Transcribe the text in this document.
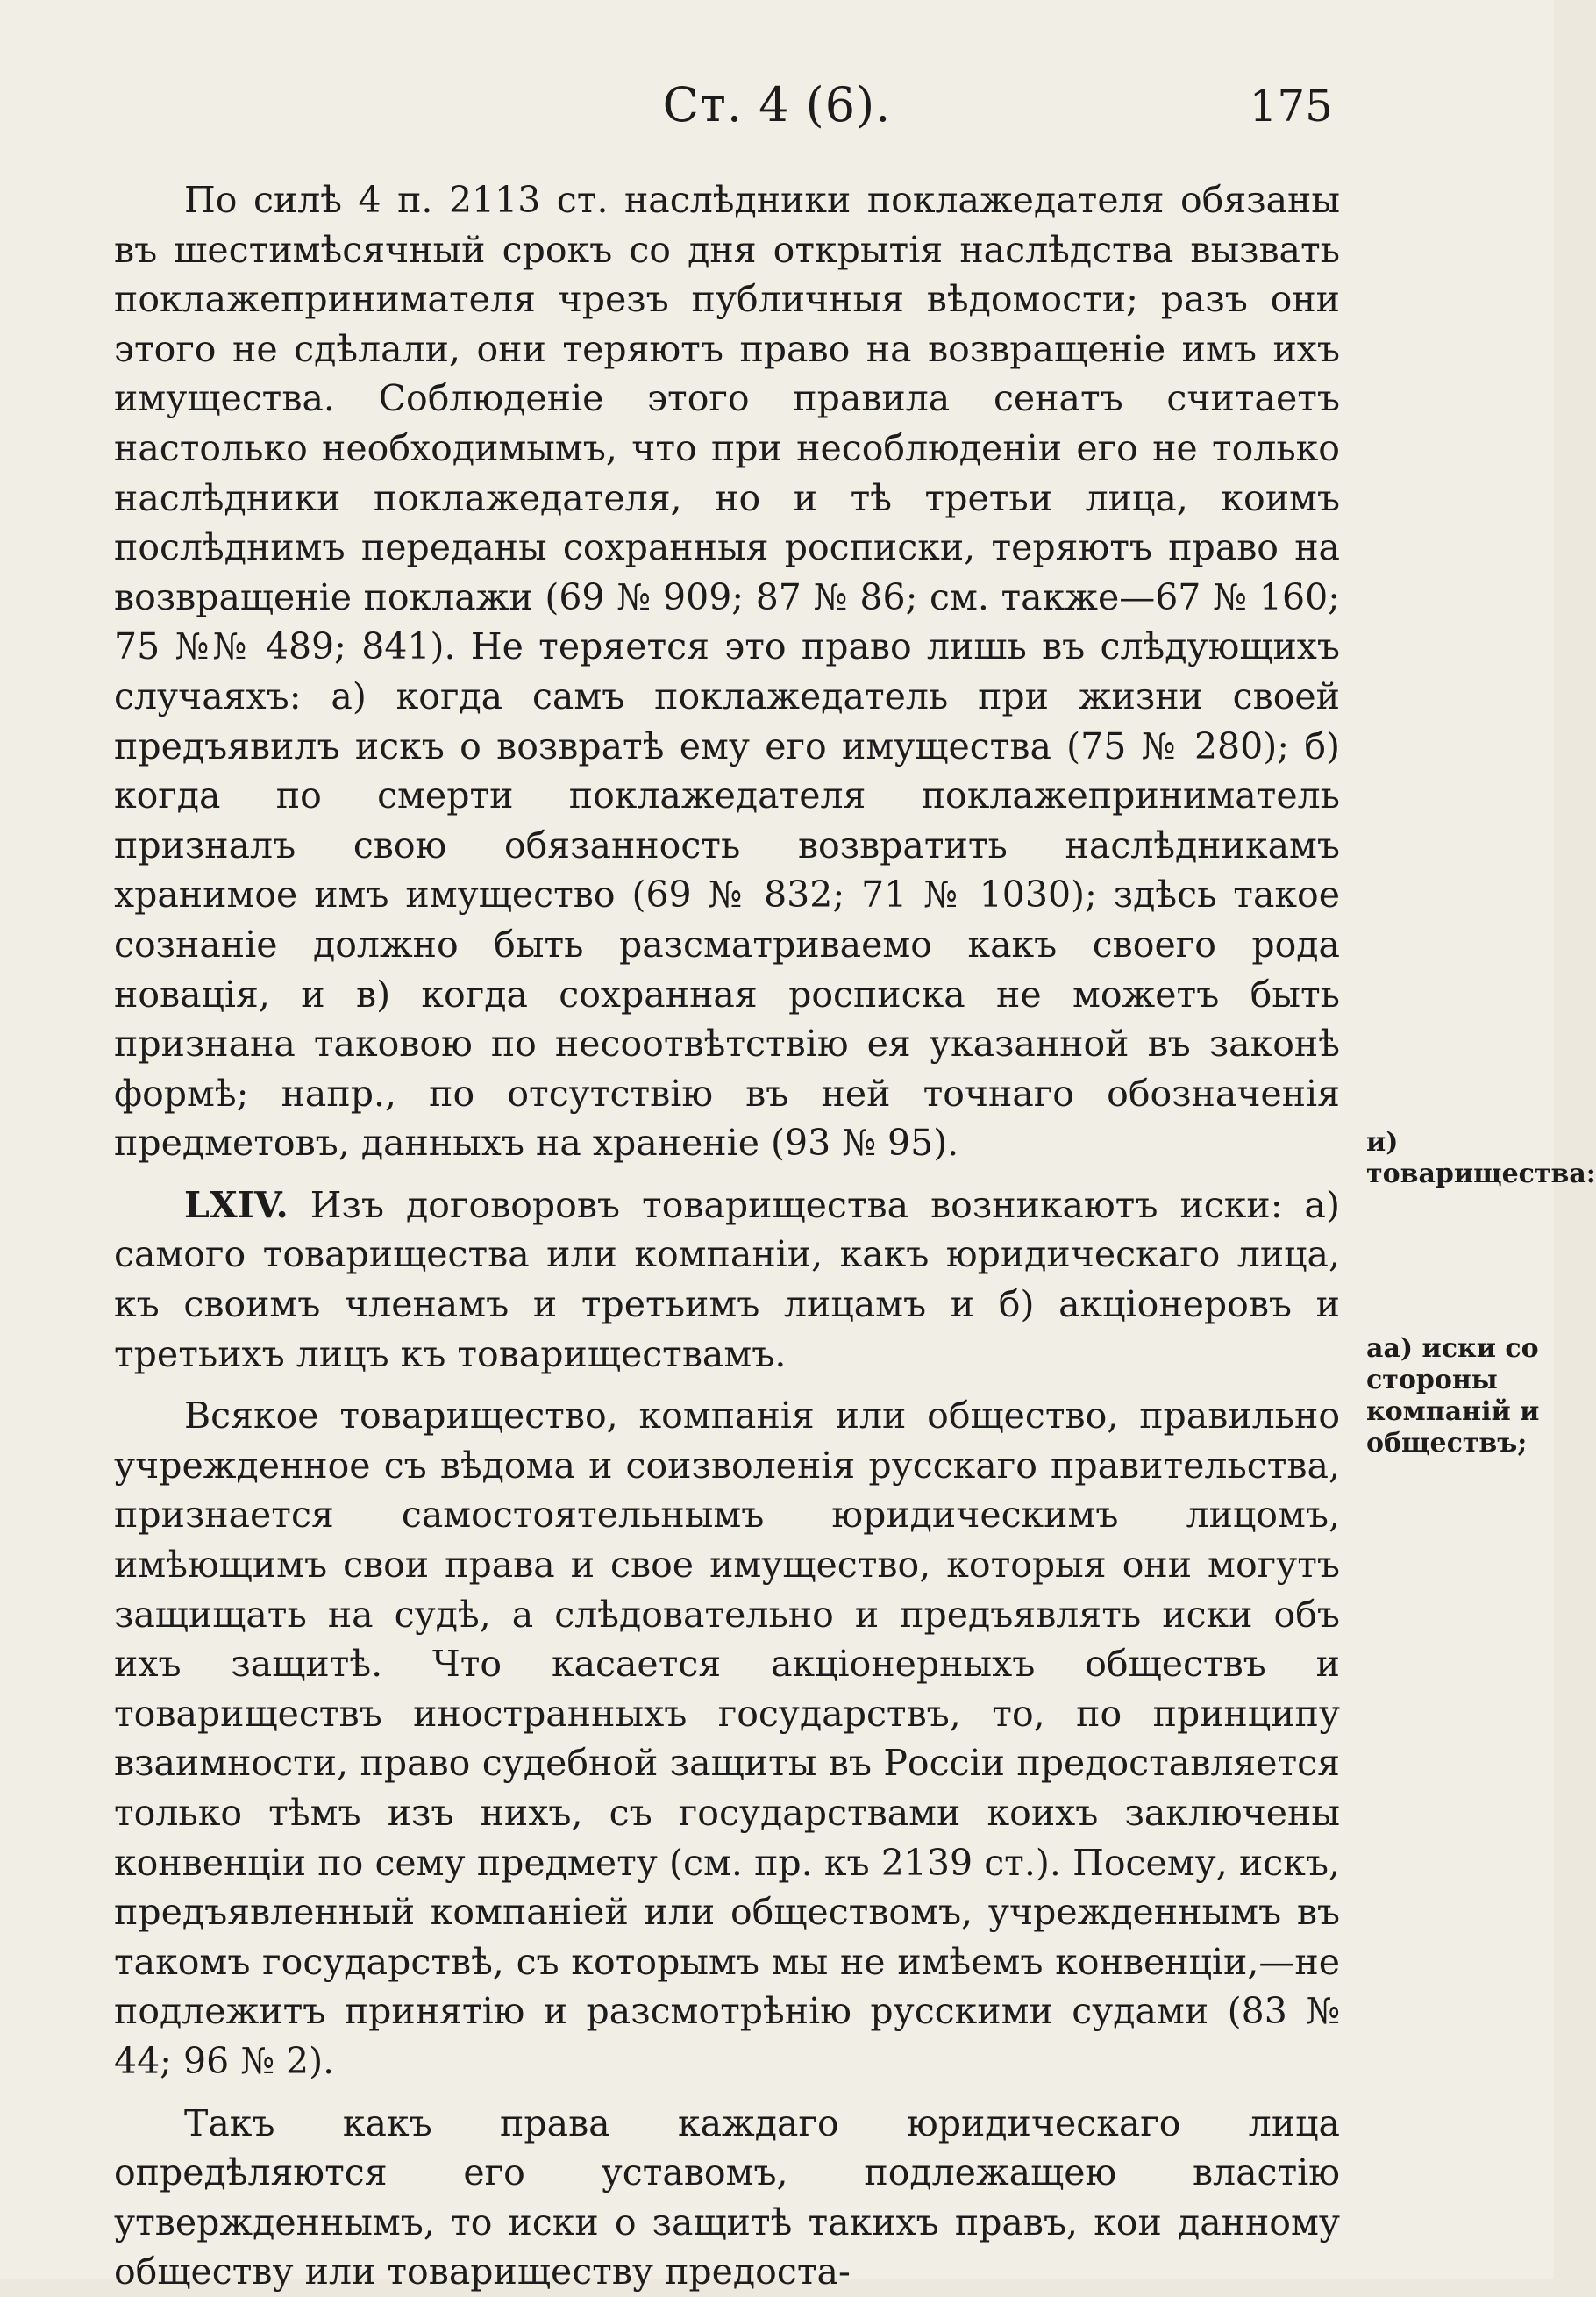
Ст. 4 (6).	175

По силѣ 4 п. 2113 ст. наслѣдники поклажедателя обязаны въ шестимѣсячный срокъ со дня открытія наслѣдства вызвать поклажепринимателя чрезъ публичныя вѣдомости; разъ они этого не сдѣлали, они теряютъ право на возвращеніе имъ ихъ имущества. Соблюденіе этого правила сенатъ считаетъ настолько необходимымъ, что при несоблюденіи его не только наслѣдники поклажедателя, но и тѣ третьи лица, коимъ послѣднимъ переданы сохранныя росписки, теряютъ право на возвращеніе поклажи (69 № 909; 87 № 86; см. также—67 № 160; 75 №№ 489; 841). Не теряется это право лишь въ слѣдующихъ случаяхъ: а) когда самъ поклажедатель при жизни своей предъявилъ искъ о возвратѣ ему его имущества (75 № 280); б) когда по смерти поклажедателя поклажеприниматель призналъ свою обязанность возвратить наслѣдникамъ хранимое имъ имущество (69 № 832; 71 № 1030); здѣсь такое сознаніе должно быть разсматриваемо какъ своего рода новація, и в) когда сохранная росписка не можетъ быть признана таковою по несоотвѣтствію ея указанной въ законѣ формѣ; напр., по отсутствію въ ней точнаго обозначенія предметовъ, данныхъ на храненіе (93 № 95).

LXIV. Изъ договоровъ товарищества возникаютъ иски: а) самого товарищества или компаніи, какъ юридическаго лица, къ своимъ членамъ и третьимъ лицамъ и б) акціонеровъ и третьихъ лицъ къ товариществамъ.

Всякое товарищество, компанія или общество, правильно учрежденное съ вѣдома и соизволенія русскаго правительства, признается самостоятельнымъ юридическимъ лицомъ, имѣющимъ свои права и свое имущество, которыя они могутъ защищать на судѣ, а слѣдовательно и предъявлять иски объ ихъ защитѣ. Что касается акціонерныхъ обществъ и товариществъ иностранныхъ государствъ, то, по принципу взаимности, право судебной защиты въ Россіи предоставляется только тѣмъ изъ нихъ, съ государствами коихъ заключены конвенціи по сему предмету (см. пр. къ 2139 ст.). Посему, искъ, предъявленный компаніей или обществомъ, учрежденнымъ въ такомъ государствѣ, съ которымъ мы не имѣемъ конвенціи,—не подлежитъ принятію и разсмотрѣнію русскими судами (83 № 44; 96 № 2).

Такъ какъ права каждаго юридическаго лица опредѣляются его уставомъ, подлежащею властію утвержденнымъ, то иски о защитѣ такихъ правъ, кои данному обществу или товариществу предоста-

и) товарищества:
аа) иски со стороны компаній и обществъ;
